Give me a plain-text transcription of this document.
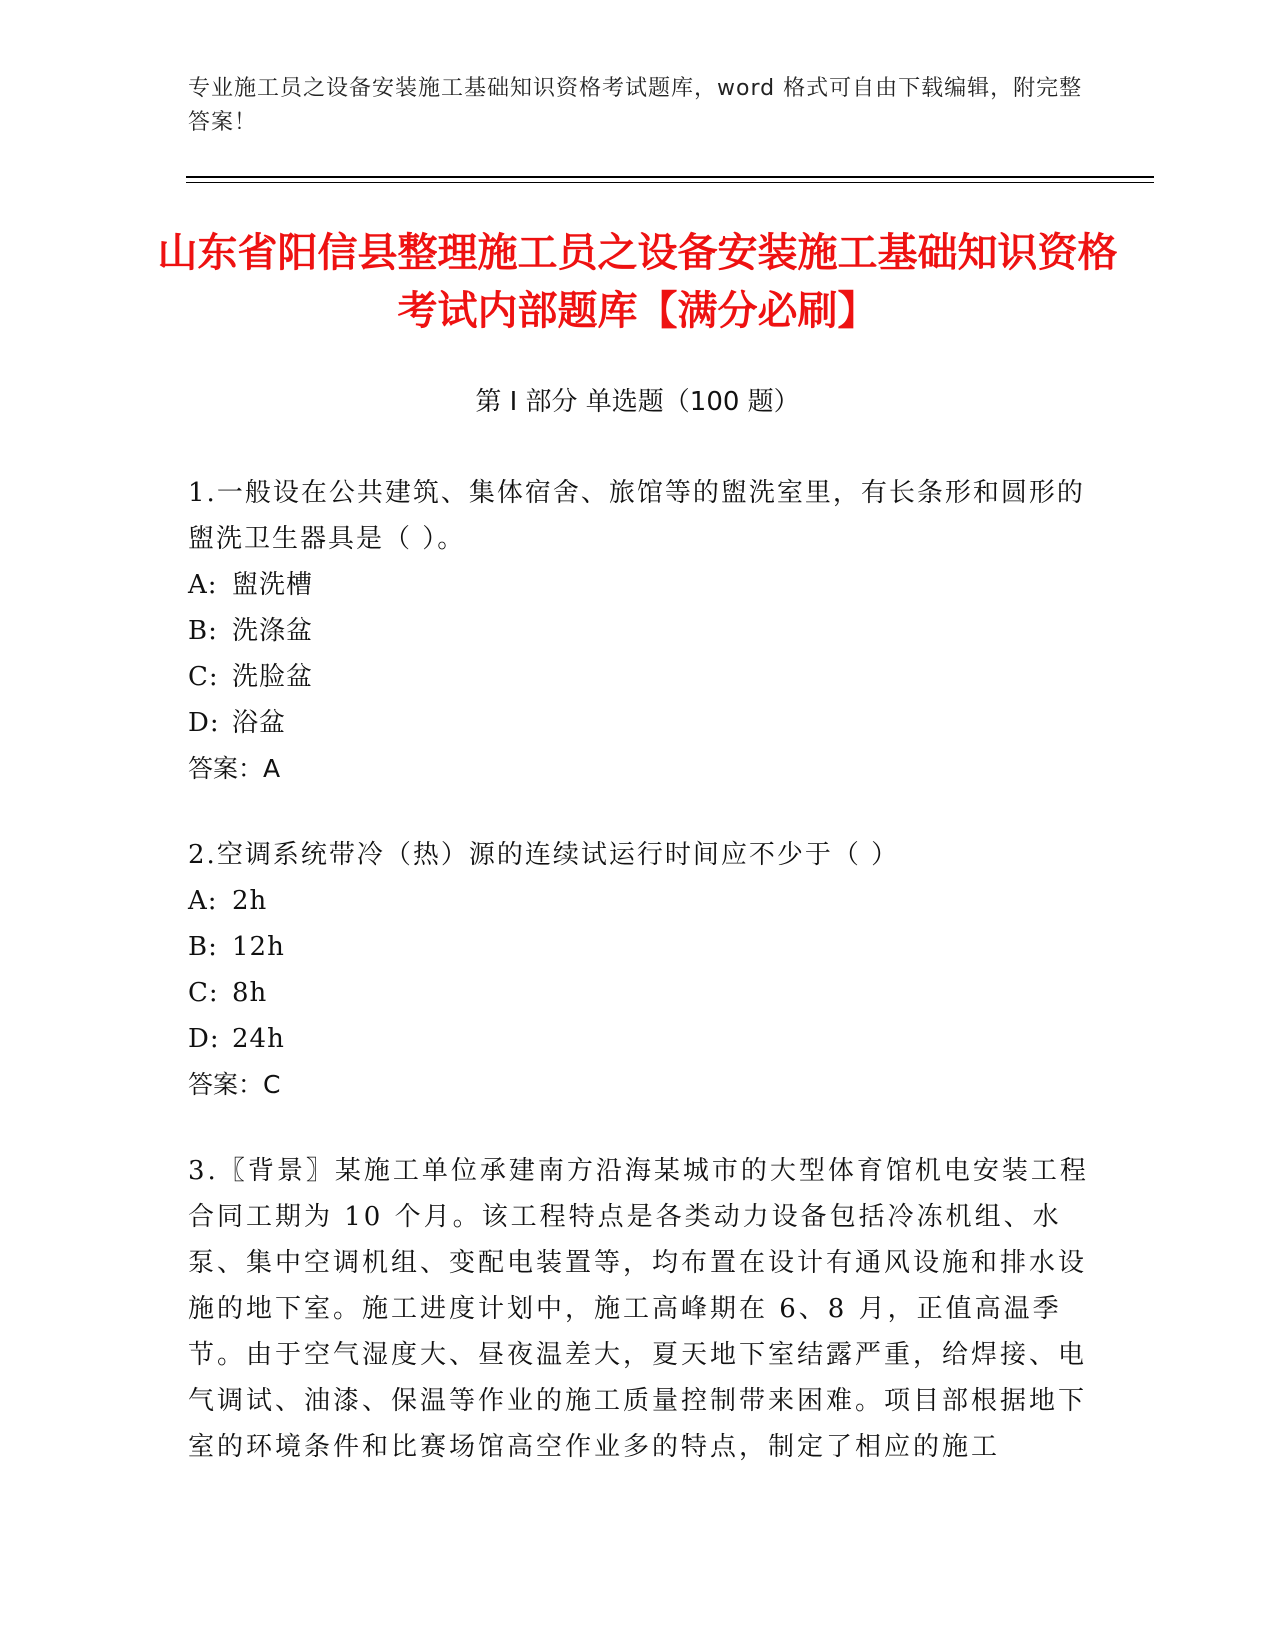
专业施工员之设备安装施工基础知识资格考试题库，word 格式可自由下载编辑，附完整答案！
山东省阳信县整理施工员之设备安装施工基础知识资格考试内部题库【满分必刷】
第 I 部分 单选题（100 题）
1.一般设在公共建筑、集体宿舍、旅馆等的盥洗室里，有长条形和圆形的盥洗卫生器具是（ ）。
A: 盥洗槽
B: 洗涤盆
C: 洗脸盆
D: 浴盆
答案：A
2.空调系统带冷（热）源的连续试运行时间应不少于（ ）
A: 2h
B: 12h
C: 8h
D: 24h
答案：C
3.〖背景〗某施工单位承建南方沿海某城市的大型体育馆机电安装工程合同工期为 10 个月。该工程特点是各类动力设备包括冷冻机组、水泵、集中空调机组、变配电装置等，均布置在设计有通风设施和排水设施的地下室。施工进度计划中，施工高峰期在 6、8 月，正值高温季节。由于空气湿度大、昼夜温差大，夏天地下室结露严重，给焊接、电气调试、油漆、保温等作业的施工质量控制带来困难。项目部根据地下室的环境条件和比赛场馆高空作业多的特点，制定了相应的施工
